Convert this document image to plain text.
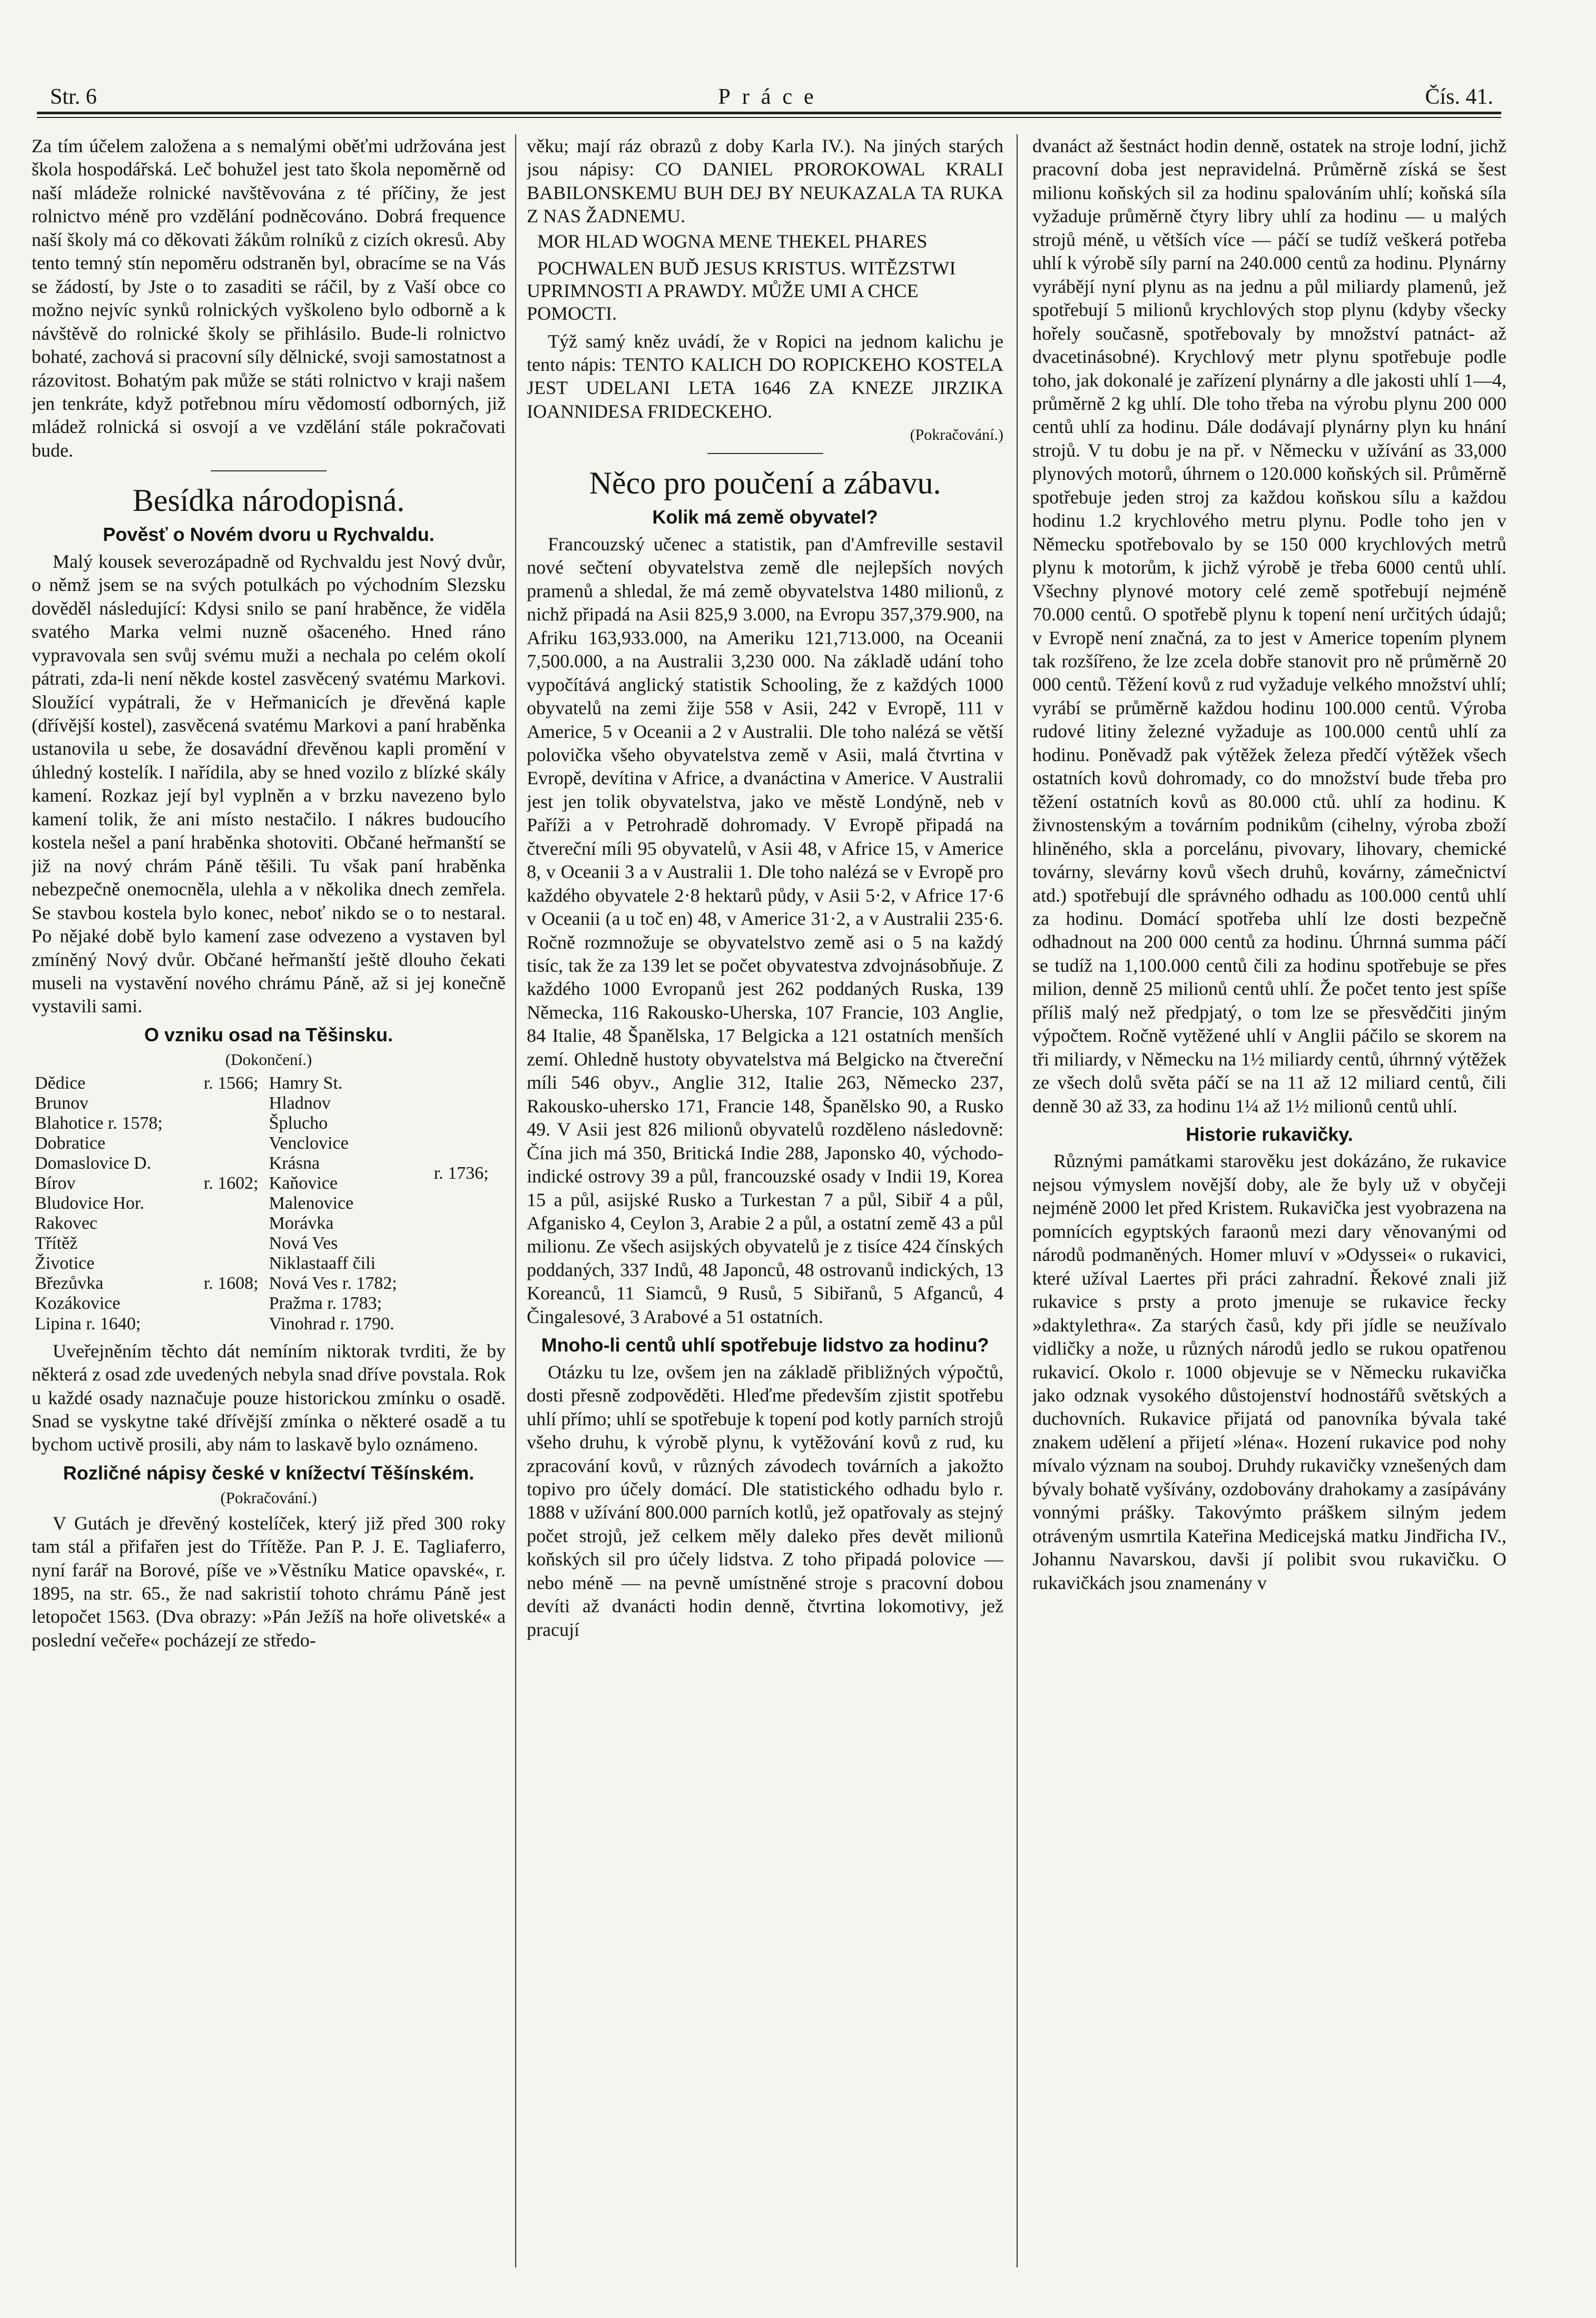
Str. 6	Práce	Čís. 41.

Za tím účelem založena a s nemalými oběťmi udržována jest škola hospodářská. Leč bohužel jest tato škola nepoměrně od naší mládeže rolnické navštěvována z té příčiny, že jest rolnictvo méně pro vzdělání podněcováno. Dobrá frequence naší školy má co děkovati žákům rolníků z cizích okresů. Aby tento temný stín nepoměru odstraněn byl, obracíme se na Vás se žádostí, by Jste o to zasaditi se ráčil, by z Vaší obce co možno nejvíc synků rolnických vyškoleno bylo odborně a k návštěvě do rolnické školy se přihlásilo. Bude-li rolnictvo bohaté, zachová si pracovní síly dělnické, svoji samostatnost a rázovitost. Bohatým pak může se státi rolnictvo v kraji našem jen tenkráte, když potřebnou míru vědomostí odborných, již mládež rolnická si osvojí a ve vzdělání stále pokračovati bude.

Besídka národopisná.
Pověsť o Novém dvoru u Rychvaldu.

Malý kousek severozápadně od Rychvaldu jest Nový dvůr, o němž jsem se na svých potulkách po východním Slezsku dověděl následující: Kdysi snilo se paní hraběnce, že viděla svatého Marka velmi nuzně ošaceného. Hned ráno vypravovala sen svůj svému muži a nechala po celém okolí pátrati, zda-li není někde kostel zasvěcený svatému Markovi. Sloužící vypátrali, že v Heřmanicích je dřevěná kaple (dřívější kostel), zasvěcená svatému Markovi a paní hraběnka ustanovila u sebe, že dosavádní dřevěnou kapli promění v úhledný kostelík. I nařídila, aby se hned vozilo z blízké skály kamení. Rozkaz její byl vyplněn a v brzku navezeno bylo kamení tolik, že ani místo nestačilo. I nákres budoucího kostela nešel a paní hraběnka shotoviti. Občané heřmanští se již na nový chrám Páně těšili. Tu však paní hraběnka nebezpečně onemocněla, ulehla a v několika dnech zemřela. Se stavbou kostela bylo konec, neboť nikdo se o to nestaral. Po nějaké době bylo kamení zase odvezeno a vystaven byl zmíněný Nový dvůr. Občané heřmanští ještě dlouho čekati museli na vystavění nového chrámu Páně, až si jej konečně vystavili sami.

O vzniku osad na Těšinsku.
(Dokončení.)
Dědice	r. 1566;	Hamry St.	r. 1736;
Brunov		Hladnov	
Blahotice r. 1578;		Šplucho	
Dobratice		Venclovice	
Domaslovice D.		Krásna	
Bírov	r. 1602;	Kaňovice	
Bludovice Hor.		Malenovice	
Rakovec		Morávka	
Třítěž		Nová Ves	
Životice		Niklastaaff čili	
Březůvka	r. 1608;	Nová Ves r. 1782;	
Kozákovice		Pražma r. 1783;	
Lipina r. 1640;		Vinohrad r. 1790.	

Uveřejněním těchto dát nemíním niktorak tvrditi, že by některá z osad zde uvedených nebyla snad dříve povstala. Rok u každé osady naznačuje pouze historickou zmínku o osadě. Snad se vyskytne také dřívější zmínka o některé osadě a tu bychom uctivě prosili, aby nám to laskavě bylo oznámeno.

Rozličné nápisy české v knížectví Těšínském.
(Pokračování.)

V Gutách je dřevěný kostelíček, který již před 300 roky tam stál a přifařen jest do Třítěže. Pan P. J. E. Tagliaferro, nyní farář na Borové, píše ve »Věstníku Matice opavské«, r. 1895, na str. 65., že nad sakristií tohoto chrámu Páně jest letopočet 1563. (Dva obrazy: »Pán Ježíš na hoře olivetské« a poslední večeře« pocházejí ze středo-

věku; mají ráz obrazů z doby Karla IV.). Na jiných starých jsou nápisy: CO DANIEL PROROKOWAL KRALI BABILONSKEMU BUH DEJ BY NEUKAZALA TA RUKA Z NAS ŽADNEMU.

MOR HLAD WOGNA MENE THEKEL PHARES

POCHWALEN BUĎ JESUS KRISTUS. WITĚZSTWI UPRIMNOSTI A PRAWDY. MŮŽE UMI A CHCE POMOCTI.

Týž samý kněz uvádí, že v Ropici na jednom kalichu je tento nápis: TENTO KALICH DO ROPICKEHO KOSTELA JEST UDELANI LETA 1646 ZA KNEZE JIRZIKA IOANNIDESA FRIDECKEHO.

(Pokračování.)
Něco pro poučení a zábavu.
Kolik má země obyvatel?

Francouzský učenec a statistik, pan d'Amfreville sestavil nové sečtení obyvatelstva země dle nejlepších nových pramenů a shledal, že má země obyvatelstva 1480 milionů, z nichž připadá na Asii 825,9 3.000, na Evropu 357,379.900, na Afriku 163,933.000, na Ameriku 121,713.000, na Oceanii 7,500.000, a na Australii 3,230 000. Na základě udání toho vypočítává anglický statistik Schooling, že z každých 1000 obyvatelů na zemi žije 558 v Asii, 242 v Evropě, 111 v Americe, 5 v Oceanii a 2 v Australii. Dle toho nalézá se větší polovička všeho obyvatelstva země v Asii, malá čtvrtina v Evropě, devítina v Africe, a dvanáctina v Americe. V Australii jest jen tolik obyvatelstva, jako ve městě Londýně, neb v Paříži a v Petrohradě dohromady. V Evropě připadá na čtvereční míli 95 obyvatelů, v Asii 48, v Africe 15, v Americe 8, v Oceanii 3 a v Australii 1. Dle toho nalézá se v Evropě pro každého obyvatele 2·8 hektarů půdy, v Asii 5·2, v Africe 17·6 v Oceanii (a u toč en) 48, v Americe 31·2, a v Australii 235·6. Ročně rozmnožuje se obyvatelstvo země asi o 5 na každý tisíc, tak že za 139 let se počet obyvatestva zdvojnásobňuje. Z každého 1000 Evropanů jest 262 poddaných Ruska, 139 Německa, 116 Rakousko-Uherska, 107 Francie, 103 Anglie, 84 Italie, 48 Španělska, 17 Belgicka a 121 ostatních menších zemí. Ohledně hustoty obyvatelstva má Belgicko na čtvereční míli 546 obyv., Anglie 312, Italie 263, Německo 237, Rakousko-uhersko 171, Francie 148, Španělsko 90, a Rusko 49. V Asii jest 826 milionů obyvatelů rozděleno následovně: Čína jich má 350, Britická Indie 288, Japonsko 40, východo-indické ostrovy 39 a půl, francouzské osady v Indii 19, Korea 15 a půl, asijské Rusko a Turkestan 7 a půl, Sibiř 4 a půl, Afganisko 4, Ceylon 3, Arabie 2 a půl, a ostatní země 43 a půl milionu. Ze všech asijských obyvatelů je z tisíce 424 čínských poddaných, 337 Indů, 48 Japonců, 48 ostrovanů indických, 13 Koreanců, 11 Siamců, 9 Rusů, 5 Sibiřanů, 5 Afganců, 4 Čingalesové, 3 Arabové a 51 ostatních.

Mnoho-li centů uhlí spotřebuje lidstvo za hodinu?

Otázku tu lze, ovšem jen na základě přibližných výpočtů, dosti přesně zodpověděti. Hleďme především zjistit spotřebu uhlí přímo; uhlí se spotřebuje k topení pod kotly parních strojů všeho druhu, k výrobě plynu, k vytěžování kovů z rud, ku zpracování kovů, v různých závodech továrních a jakožto topivo pro účely domácí. Dle statistického odhadu bylo r. 1888 v užívání 800.000 parních kotlů, jež opatřovaly as stejný počet strojů, jež celkem měly daleko přes devět milionů koňských sil pro účely lidstva. Z toho připadá polovice — nebo méně — na pevně umístněné stroje s pracovní dobou devíti až dvanácti hodin denně, čtvrtina lokomotivy, jež pracují

dvanáct až šestnáct hodin denně, ostatek na stroje lodní, jichž pracovní doba jest nepravidelná. Průměrně získá se šest milionu koňských sil za hodinu spalováním uhlí; koňská síla vyžaduje průměrně čtyry libry uhlí za hodinu — u malých strojů méně, u větších více — páčí se tudíž veškerá potřeba uhlí k výrobě síly parní na 240.000 centů za hodinu. Plynárny vyrábějí nyní plynu as na jednu a půl miliardy plamenů, jež spotřebují 5 milionů krychlových stop plynu (kdyby všecky hořely současně, spotřebovaly by množství patnáct- až dvacetinásobné). Krychlový metr plynu spotřebuje podle toho, jak dokonalé je zařízení plynárny a dle jakosti uhlí 1—4, průměrně 2 kg uhlí. Dle toho třeba na výrobu plynu 200 000 centů uhlí za hodinu. Dále dodávají plynárny plyn ku hnání strojů. V tu dobu je na př. v Německu v užívání as 33,000 plynových motorů, úhrnem o 120.000 koňských sil. Průměrně spotřebuje jeden stroj za každou koňskou sílu a každou hodinu 1.2 krychlového metru plynu. Podle toho jen v Německu spotřebovalo by se 150 000 krychlových metrů plynu k motorům, k jichž výrobě je třeba 6000 centů uhlí. Všechny plynové motory celé země spotřebují nejméně 70.000 centů. O spotřebě plynu k topení není určitých údajů; v Evropě není značná, za to jest v Americe topením plynem tak rozšířeno, že lze zcela dobře stanovit pro ně průměrně 20 000 centů. Těžení kovů z rud vyžaduje velkého množství uhlí; vyrábí se průměrně každou hodinu 100.000 centů. Výroba rudové litiny železné vyžaduje as 100.000 centů uhlí za hodinu. Poněvadž pak výtěžek železa předčí výtěžek všech ostatních kovů dohromady, co do množství bude třeba pro těžení ostatních kovů as 80.000 ctů. uhlí za hodinu. K živnostenským a továrním podnikům (cihelny, výroba zboží hliněného, skla a porcelánu, pivovary, lihovary, chemické továrny, slevárny kovů všech druhů, kovárny, zámečnictví atd.) spotřebují dle správného odhadu as 100.000 centů uhlí za hodinu. Domácí spotřeba uhlí lze dosti bezpečně odhadnout na 200 000 centů za hodinu. Úhrnná summa páčí se tudíž na 1,100.000 centů čili za hodinu spotřebuje se přes milion, denně 25 milionů centů uhlí. Že počet tento jest spíše příliš malý než předpjatý, o tom lze se přesvědčiti jiným výpočtem. Ročně vytěžené uhlí v Anglii páčilo se skorem na tři miliardy, v Německu na 1½ miliardy centů, úhrnný výtěžek ze všech dolů světa páčí se na 11 až 12 miliard centů, čili denně 30 až 33, za hodinu 1¼ až 1½ milionů centů uhlí.

Historie rukavičky.

Různými památkami starověku jest dokázáno, že rukavice nejsou výmyslem novější doby, ale že byly už v obyčeji nejméně 2000 let před Kristem. Rukavička jest vyobrazena na pomnících egyptských faraonů mezi dary věnovanými od národů podmaněných. Homer mluví v »Odyssei« o rukavici, které užíval Laertes při práci zahradní. Řekové znali již rukavice s prsty a proto jmenuje se rukavice řecky »daktylethra«. Za starých časů, kdy při jídle se neužívalo vidličky a nože, u různých národů jedlo se rukou opatřenou rukavicí. Okolo r. 1000 objevuje se v Německu rukavička jako odznak vysokého důstojenství hodnostářů světských a duchovních. Rukavice přijatá od panovníka bývala také znakem udělení a přijetí »léna«. Hození rukavice pod nohy mívalo význam na souboj. Druhdy rukavičky vznešených dam bývaly bohatě vyšívány, ozdobovány drahokamy a zasípávány vonnými prášky. Takovýmto práškem silným jedem otráveným usmrtila Kateřina Medicejská matku Jindřicha IV., Johannu Navarskou, davši jí polibit svou rukavičku. O rukavičkách jsou znamenány v
